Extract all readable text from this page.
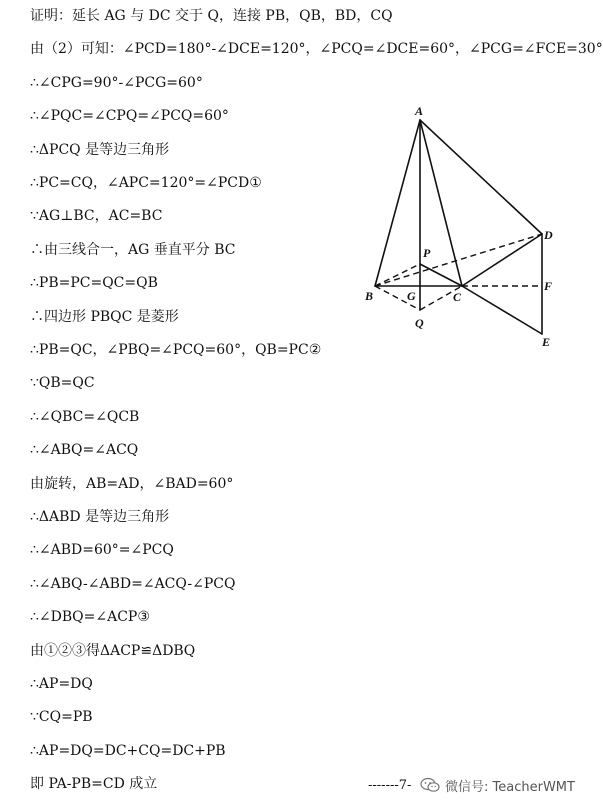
证明：延长 AG 与 DC 交于 Q，连接 PB，QB，BD，CQ
由（2）可知：∠PCD=180°-∠DCE=120°，∠PCQ=∠DCE=60°，∠PCG=∠FCE=30°
∴∠CPG=90°-∠PCG=60°
∴∠PQC=∠CPQ=∠PCQ=60°
∴ΔPCQ 是等边三角形
∴PC=CQ，∠APC=120°=∠PCD①
∵AG⊥BC，AC=BC
∴由三线合一，AG 垂直平分 BC
∴PB=PC=QC=QB
∴四边形 PBQC 是菱形
∴PB=QC，∠PBQ=∠PCQ=60°，QB=PC②
∵QB=QC
∴∠QBC=∠QCB
∴∠ABQ=∠ACQ
由旋转，AB=AD，∠BAD=60°
∴ΔABD 是等边三角形
∴∠ABD=60°=∠PCQ
∴∠ABQ-∠ABD=∠ACQ-∠PCQ
∴∠DBQ=∠ACP③
由①②③得ΔACP≌ΔDBQ
∴AP=DQ
∵CQ=PB
∴AP=DQ=DC+CQ=DC+PB
即 PA-PB=CD 成立
A
P
B	G	C
D
F
E
Q
-------7-	微信号: TeacherWMT
